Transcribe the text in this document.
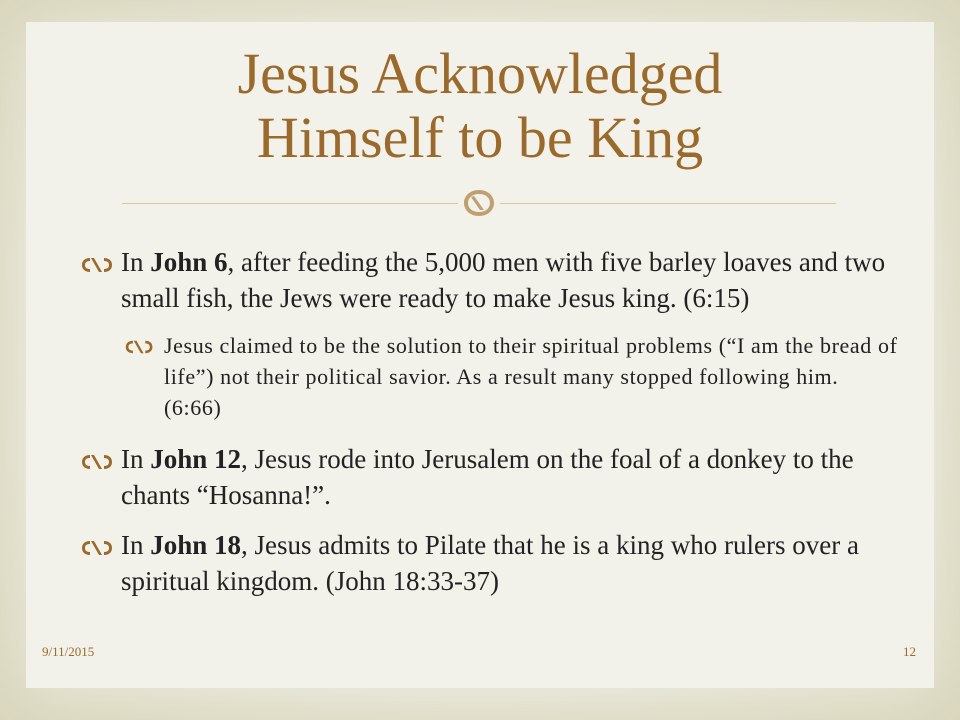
Jesus Acknowledged
Himself to be King
In John 6, after feeding the 5,000 men with five barley loaves and two small fish, the Jews were ready to make Jesus king. (6:15)
Jesus claimed to be the solution to their spiritual problems (“I am the bread of life”) not their political savior. As a result many stopped following him. (6:66)
In John 12, Jesus rode into Jerusalem on the foal of a donkey to the chants “Hosanna!”.
In John 18, Jesus admits to Pilate that he is a king who rulers over a spiritual kingdom. (John 18:33-37)
9/11/2015	12
